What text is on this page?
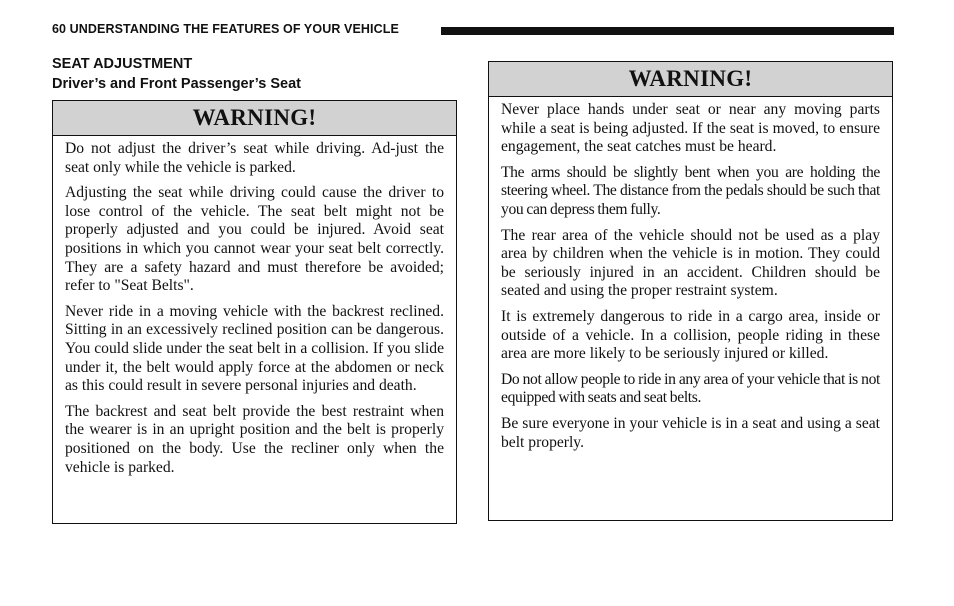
60 UNDERSTANDING THE FEATURES OF YOUR VEHICLE
SEAT ADJUSTMENT
Driver’s and Front Passenger’s Seat
WARNING!

Do not adjust the driver’s seat while driving. Ad-just the seat only while the vehicle is parked.

Adjusting the seat while driving could cause the driver to lose control of the vehicle. The seat belt might not be properly adjusted and you could be injured. Avoid seat positions in which you cannot wear your seat belt correctly. They are a safety hazard and must therefore be avoided; refer to "Seat Belts".

Never ride in a moving vehicle with the backrest reclined. Sitting in an excessively reclined position can be dangerous. You could slide under the seat belt in a collision. If you slide under it, the belt would apply force at the abdomen or neck as this could result in severe personal injuries and death.

The backrest and seat belt provide the best restraint when the wearer is in an upright position and the belt is properly positioned on the body. Use the recliner only when the vehicle is parked.

WARNING!

Never place hands under seat or near any moving parts while a seat is being adjusted. If the seat is moved, to ensure engagement, the seat catches must be heard.

The arms should be slightly bent when you are holding the steering wheel. The distance from the pedals should be such that you can depress them fully.

The rear area of the vehicle should not be used as a play area by children when the vehicle is in motion. They could be seriously injured in an accident. Children should be seated and using the proper restraint system.

It is extremely dangerous to ride in a cargo area, inside or outside of a vehicle. In a collision, people riding in these area are more likely to be seriously injured or killed.

Do not allow people to ride in any area of your vehicle that is not equipped with seats and seat belts.

Be sure everyone in your vehicle is in a seat and using a seat belt properly.
